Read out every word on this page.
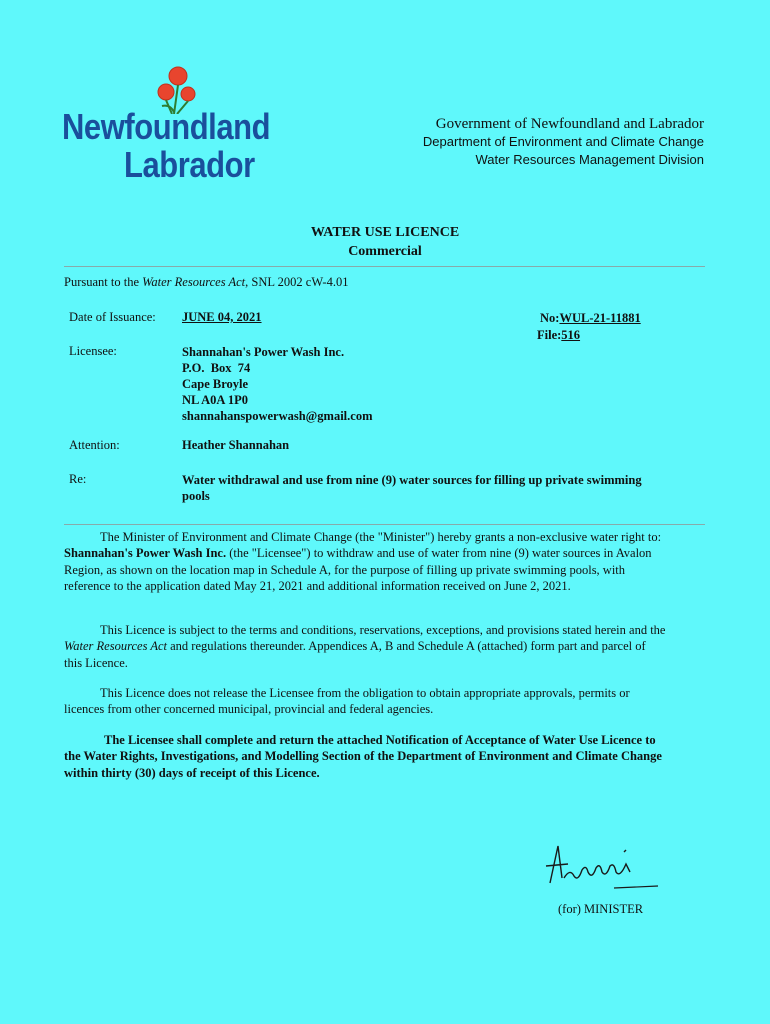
Newfoundland
Labrador
Government of Newfoundland and Labrador
Department of Environment and Climate Change
Water Resources Management Division
WATER USE LICENCE
Commercial
Pursuant to the Water Resources Act, SNL 2002 cW-4.01
Date of Issuance: JUNE 04, 2021	No:WUL-21-11881
File:516
Licensee:	Shannahan's Power Wash Inc.
P.O.  Box  74
Cape Broyle
NL A0A 1P0
shannahanspowerwash@gmail.com
Attention:	Heather Shannahan
Re:	Water withdrawal and use from nine (9) water sources for filling up private swimming
pools
The Minister of Environment and Climate Change (the "Minister") hereby grants a non-exclusive water right to:
Shannahan's Power Wash Inc. (the "Licensee") to withdraw and use of water from nine (9) water sources in Avalon
Region, as shown on the location map in Schedule A, for the purpose of filling up private swimming pools, with
reference to the application dated May 21, 2021 and additional information received on June 2, 2021.
This Licence is subject to the terms and conditions, reservations, exceptions, and provisions stated herein and the
Water Resources Act and regulations thereunder. Appendices A, B and Schedule A (attached) form part and parcel of
this Licence.
This Licence does not release the Licensee from the obligation to obtain appropriate approvals, permits or
licences from other concerned municipal, provincial and federal agencies.
The Licensee shall complete and return the attached Notification of Acceptance of Water Use Licence to
the Water Rights, Investigations, and Modelling Section of the Department of Environment and Climate Change
within thirty (30) days of receipt of this Licence.
(for) MINISTER
